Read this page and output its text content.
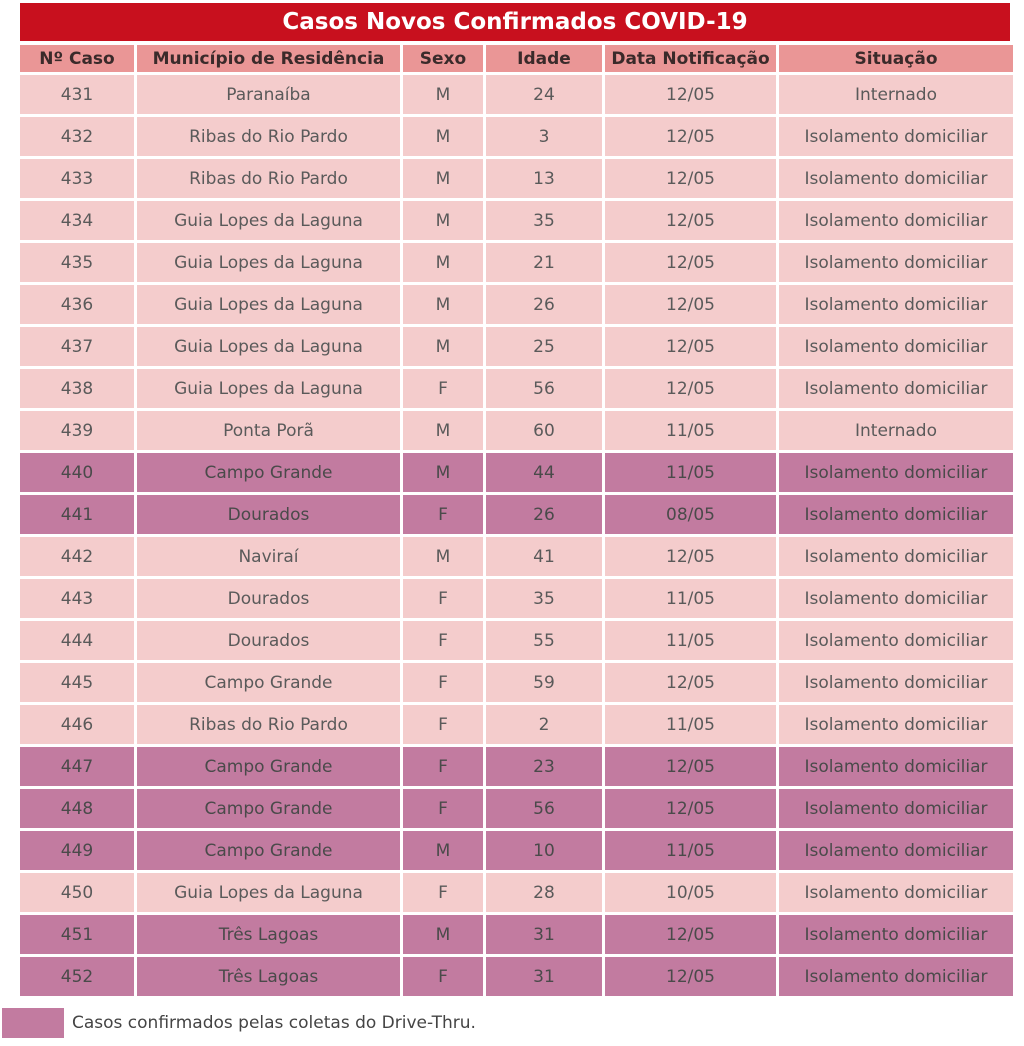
Casos Novos Confirmados COVID-19
Nº Caso	Município de Residência	Sexo	Idade	Data Notificação	Situação
431	Paranaíba	M	24	12/05	Internado
432	Ribas do Rio Pardo	M	3	12/05	Isolamento domiciliar
433	Ribas do Rio Pardo	M	13	12/05	Isolamento domiciliar
434	Guia Lopes da Laguna	M	35	12/05	Isolamento domiciliar
435	Guia Lopes da Laguna	M	21	12/05	Isolamento domiciliar
436	Guia Lopes da Laguna	M	26	12/05	Isolamento domiciliar
437	Guia Lopes da Laguna	M	25	12/05	Isolamento domiciliar
438	Guia Lopes da Laguna	F	56	12/05	Isolamento domiciliar
439	Ponta Porã	M	60	11/05	Internado
440	Campo Grande	M	44	11/05	Isolamento domiciliar
441	Dourados	F	26	08/05	Isolamento domiciliar
442	Naviraí	M	41	12/05	Isolamento domiciliar
443	Dourados	F	35	11/05	Isolamento domiciliar
444	Dourados	F	55	11/05	Isolamento domiciliar
445	Campo Grande	F	59	12/05	Isolamento domiciliar
446	Ribas do Rio Pardo	F	2	11/05	Isolamento domiciliar
447	Campo Grande	F	23	12/05	Isolamento domiciliar
448	Campo Grande	F	56	12/05	Isolamento domiciliar
449	Campo Grande	M	10	11/05	Isolamento domiciliar
450	Guia Lopes da Laguna	F	28	10/05	Isolamento domiciliar
451	Três Lagoas	M	31	12/05	Isolamento domiciliar
452	Três Lagoas	F	31	12/05	Isolamento domiciliar
Casos confirmados pelas coletas do Drive-Thru.
